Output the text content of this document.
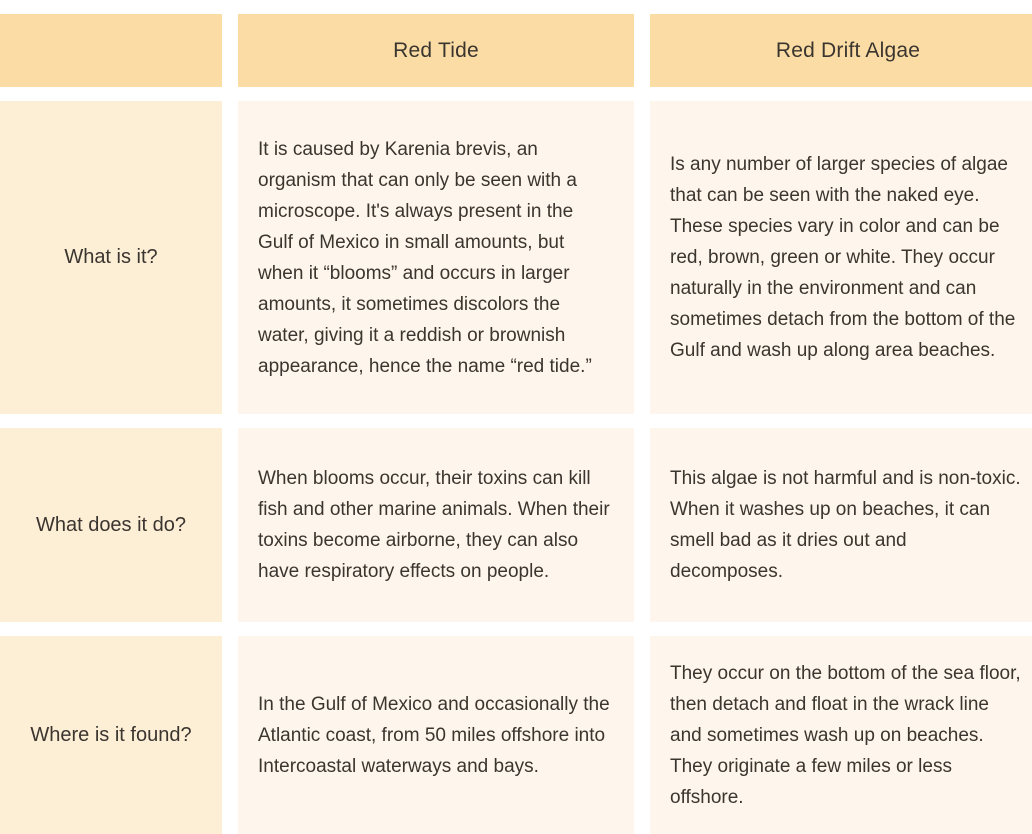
Red Tide	Red Drift Algae
What is it?

It is caused by Karenia brevis, an organism that can only be seen with a microscope. It's always present in the Gulf of Mexico in small amounts, but when it “blooms” and occurs in larger amounts, it sometimes discolors the water, giving it a reddish or brownish appearance, hence the name “red tide.”

Is any number of larger species of algae that can be seen with the naked eye. These species vary in color and can be red, brown, green or white. They occur naturally in the environment and can sometimes detach from the bottom of the Gulf and wash up along area beaches.

What does it do?

When blooms occur, their toxins can kill fish and other marine animals. When their toxins become airborne, they can also have respiratory effects on people.

This algae is not harmful and is non-toxic. When it washes up on beaches, it can smell bad as it dries out and decomposes.

Where is it found?

In the Gulf of Mexico and occasionally the Atlantic coast, from 50 miles offshore into Intercoastal waterways and bays.

They occur on the bottom of the sea floor, then detach and float in the wrack line and sometimes wash up on beaches. They originate a few miles or less offshore.
